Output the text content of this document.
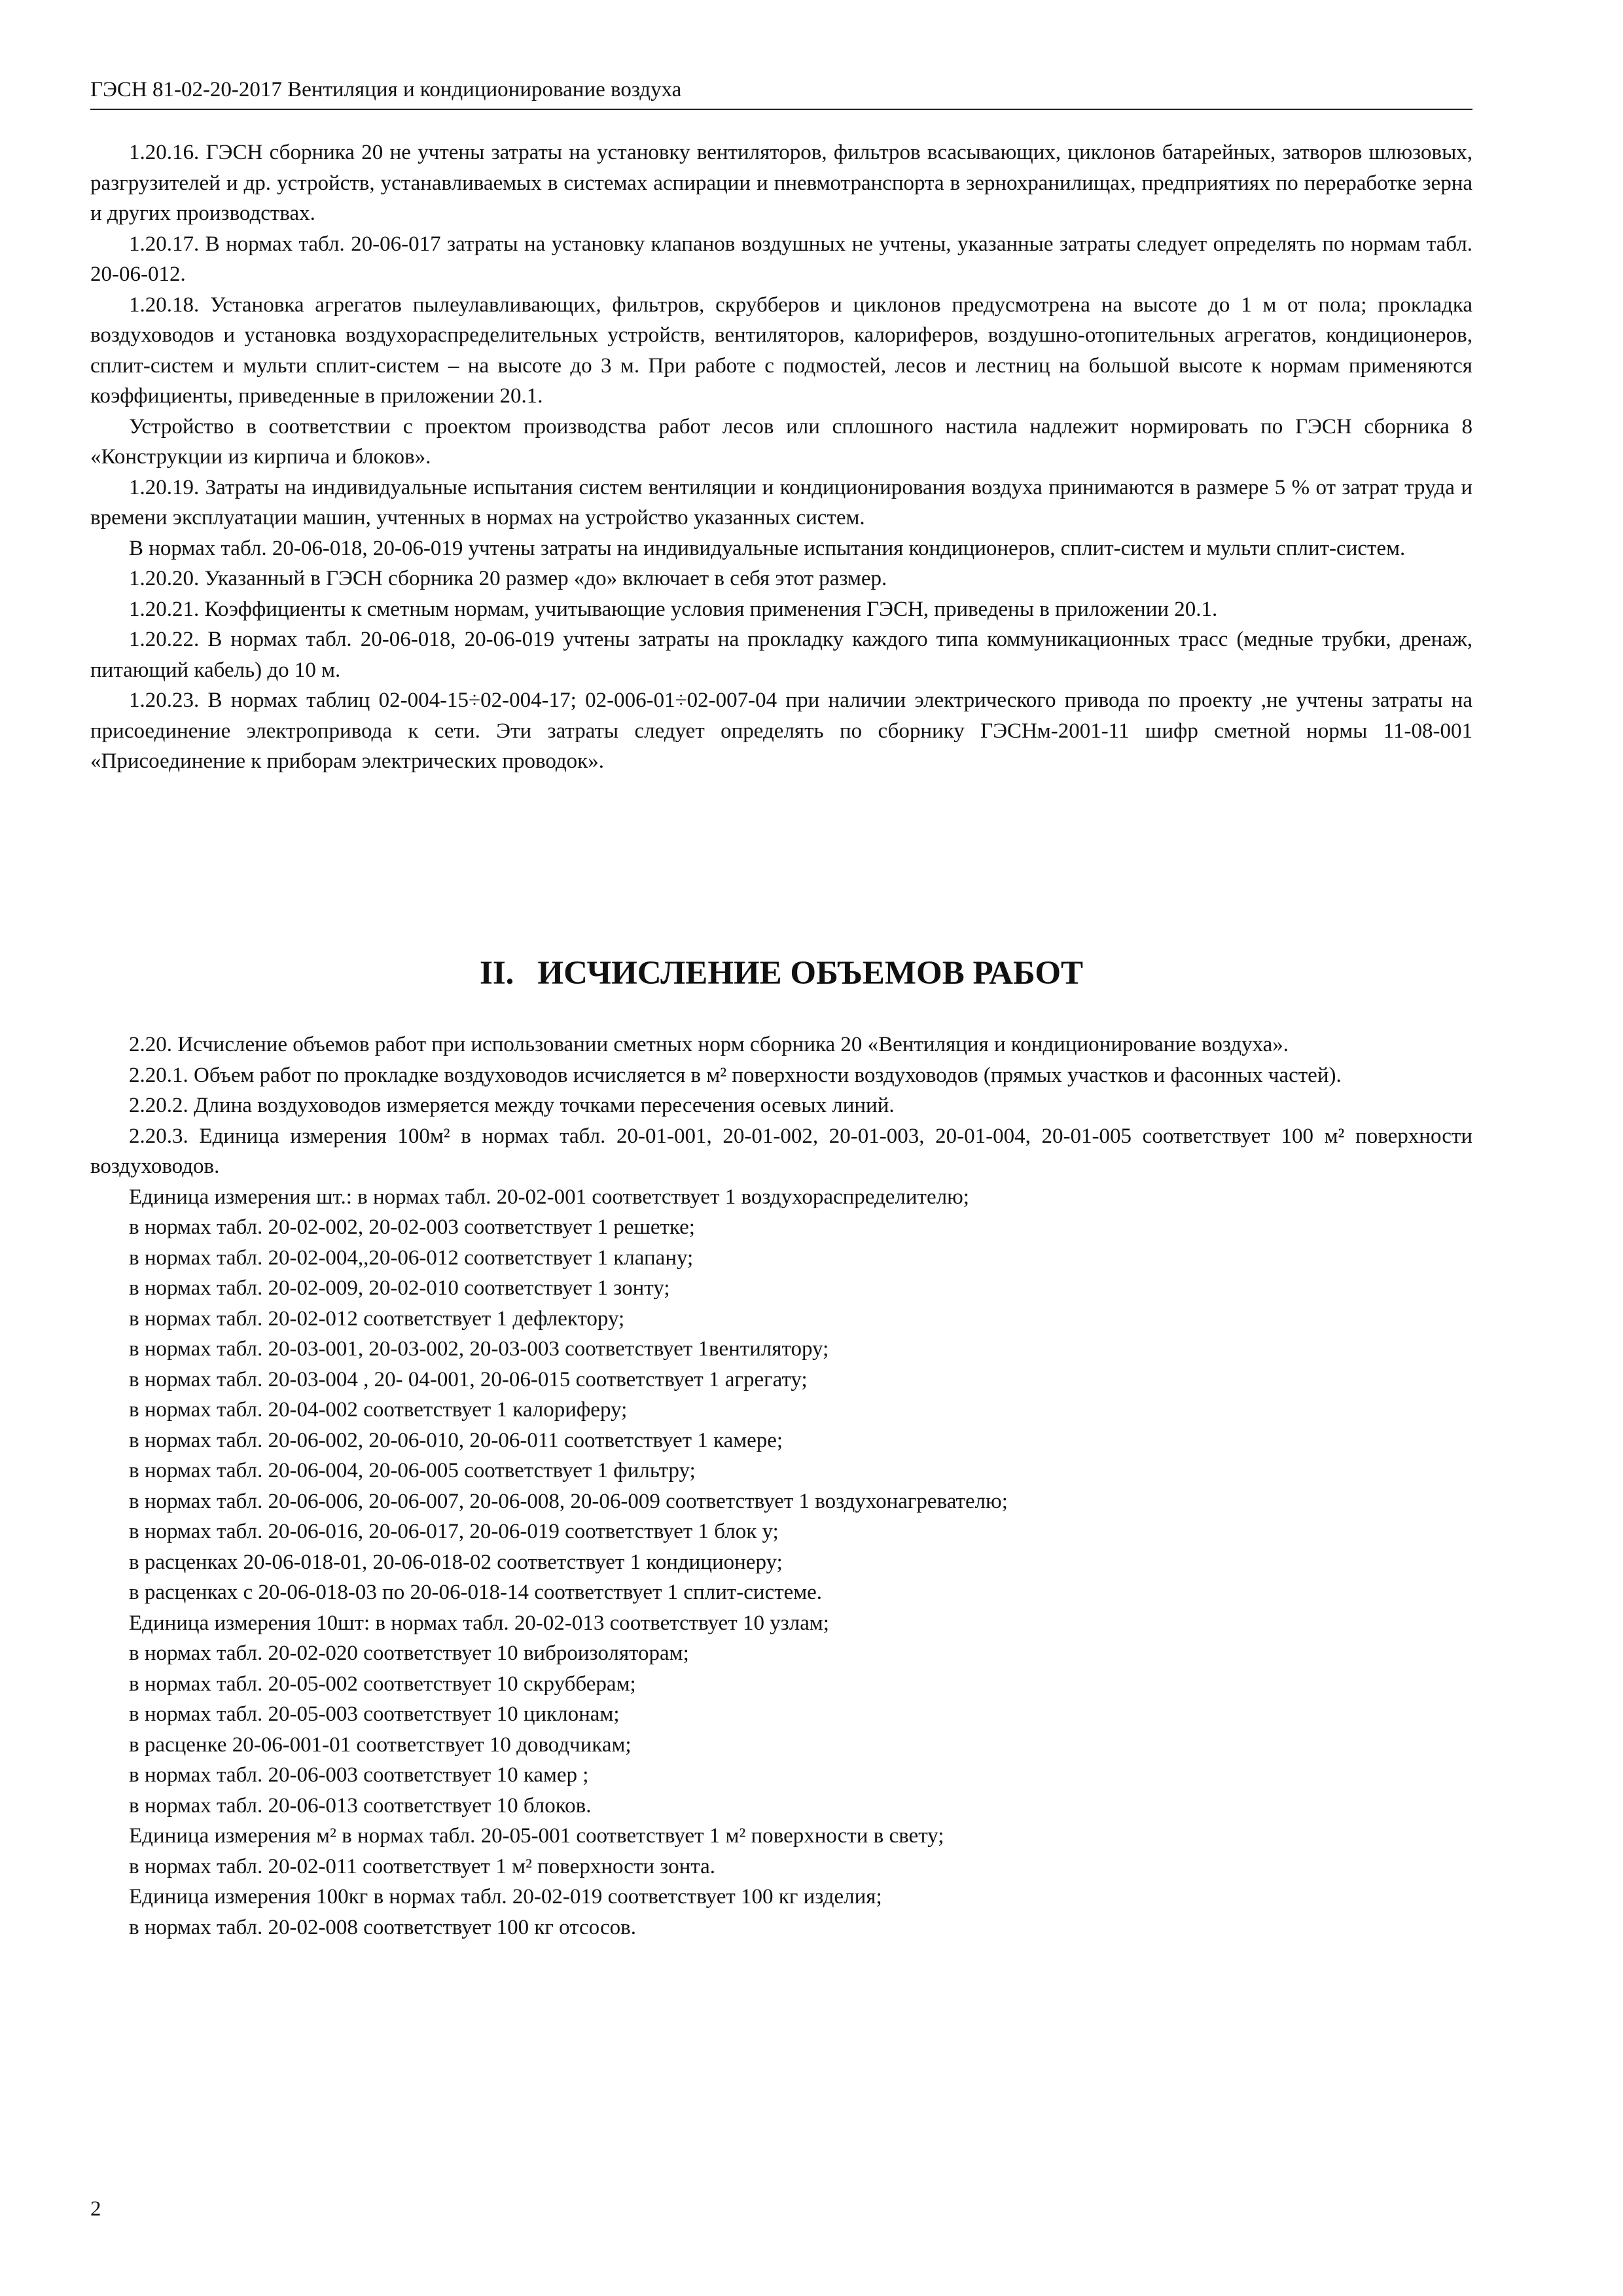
ГЭСН 81-02-20-2017 Вентиляция и кондиционирование воздуха

1.20.16. ГЭСН сборника 20 не учтены затраты на установку вентиляторов, фильтров всасывающих, циклонов батарейных, затворов шлюзовых, разгрузителей и др. устройств, устанавливаемых в системах аспирации и пневмотранспорта в зернохранилищах, предприятиях по переработке зерна и других производствах.

1.20.17. В нормах табл. 20-06-017 затраты на установку клапанов воздушных не учтены, указанные затраты следует определять по нормам табл. 20-06-012.

1.20.18. Установка агрегатов пылеулавливающих, фильтров, скрубберов и циклонов предусмотрена на высоте до 1 м от пола; прокладка воздуховодов и установка воздухораспределительных устройств, вентиляторов, калориферов, воздушно-отопительных агрегатов, кондиционеров, сплит-систем и мульти сплит-систем – на высоте до 3 м. При работе с подмостей, лесов и лестниц на большой высоте к нормам применяются коэффициенты, приведенные в приложении 20.1.

Устройство в соответствии с проектом производства работ лесов или сплошного настила надлежит нормировать по ГЭСН сборника 8 «Конструкции из кирпича и блоков».

1.20.19. Затраты на индивидуальные испытания систем вентиляции и кондиционирования воздуха принимаются в размере 5 % от затрат труда и времени эксплуатации машин, учтенных в нормах на устройство указанных систем.

В нормах табл. 20-06-018, 20-06-019 учтены затраты на индивидуальные испытания кондиционеров, сплит-систем и мульти сплит-систем.

1.20.20. Указанный в ГЭСН сборника 20 размер «до» включает в себя этот размер.

1.20.21. Коэффициенты к сметным нормам, учитывающие условия применения ГЭСН, приведены в приложении 20.1.

1.20.22. В нормах табл. 20-06-018, 20-06-019 учтены затраты на прокладку каждого типа коммуникационных трасс (медные трубки, дренаж, питающий кабель) до 10 м.

1.20.23. В нормах таблиц 02-004-15÷02-004-17; 02-006-01÷02-007-04 при наличии электрического привода по проекту ,не учтены затраты на присоединение электропривода к сети. Эти затраты следует определять по сборнику ГЭСНм-2001-11 шифр сметной нормы 11-08-001 «Присоединение к приборам электрических проводок».

II. ИСЧИСЛЕНИЕ ОБЪЕМОВ РАБОТ

2.20. Исчисление объемов работ при использовании сметных норм сборника 20 «Вентиляция и кондиционирование воздуха».

2.20.1. Объем работ по прокладке воздуховодов исчисляется в м² поверхности воздуховодов (прямых участков и фасонных частей).

2.20.2. Длина воздуховодов измеряется между точками пересечения осевых линий.

2.20.3. Единица измерения 100м² в нормах табл. 20-01-001, 20-01-002, 20-01-003, 20-01-004, 20-01-005 соответствует 100 м² поверхности воздуховодов.

Единица измерения шт.: в нормах табл. 20-02-001 соответствует 1 воздухораспределителю;

в нормах табл. 20-02-002, 20-02-003 соответствует 1 решетке;

в нормах табл. 20-02-004,,20-06-012 соответствует 1 клапану;

в нормах табл. 20-02-009, 20-02-010 соответствует 1 зонту;

в нормах табл. 20-02-012 соответствует 1 дефлектору;

в нормах табл. 20-03-001, 20-03-002, 20-03-003 соответствует 1вентилятору;

в нормах табл. 20-03-004 , 20- 04-001, 20-06-015 соответствует 1 агрегату;

в нормах табл. 20-04-002 соответствует 1 калориферу;

в нормах табл. 20-06-002, 20-06-010, 20-06-011 соответствует 1 камере;

в нормах табл. 20-06-004, 20-06-005 соответствует 1 фильтру;

в нормах табл. 20-06-006, 20-06-007, 20-06-008, 20-06-009 соответствует 1 воздухонагревателю;

в нормах табл. 20-06-016, 20-06-017, 20-06-019 соответствует 1 блок у;

в расценках 20-06-018-01, 20-06-018-02 соответствует 1 кондиционеру;

в расценках с 20-06-018-03 по 20-06-018-14 соответствует 1 сплит-системе.

Единица измерения 10шт: в нормах табл. 20-02-013 соответствует 10 узлам;

в нормах табл. 20-02-020 соответствует 10 виброизоляторам;

в нормах табл. 20-05-002 соответствует 10 скрубберам;

в нормах табл. 20-05-003 соответствует 10 циклонам;

в расценке 20-06-001-01 соответствует 10 доводчикам;

в нормах табл. 20-06-003 соответствует 10 камер ;

в нормах табл. 20-06-013 соответствует 10 блоков.

Единица измерения м² в нормах табл. 20-05-001 соответствует 1 м² поверхности в свету;

в нормах табл. 20-02-011 соответствует 1 м² поверхности зонта.

Единица измерения 100кг в нормах табл. 20-02-019 соответствует 100 кг изделия;

в нормах табл. 20-02-008 соответствует 100 кг отсосов.

2
